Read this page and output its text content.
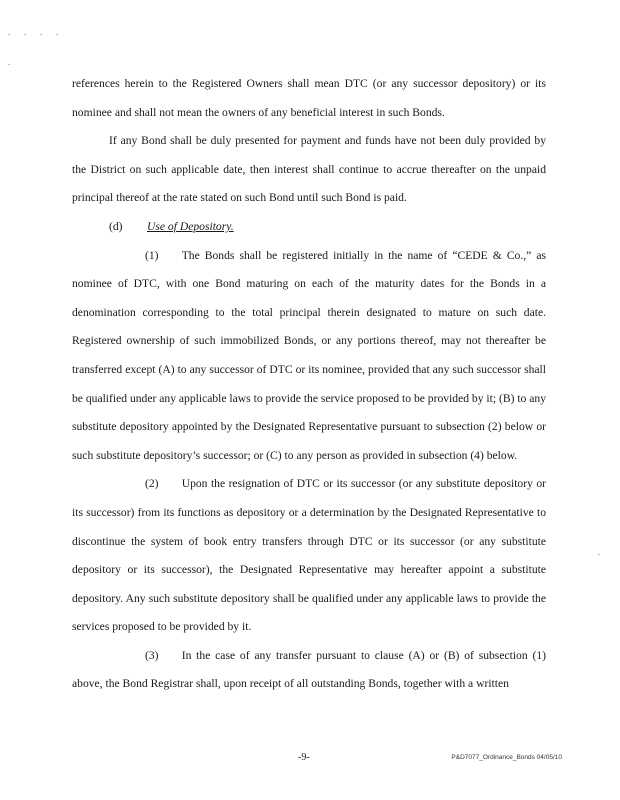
. . . .
.

references herein to the Registered Owners shall mean DTC (or any successor depository) or its nominee and shall not mean the owners of any beneficial interest in such Bonds.

If any Bond shall be duly presented for payment and funds have not been duly provided by the District on such applicable date, then interest shall continue to accrue thereafter on the unpaid principal thereof at the rate stated on such Bond until such Bond is paid.

(d) Use of Depository.

(1)  The Bonds shall be registered initially in the name of “CEDE & Co.,” as nominee of DTC, with one Bond maturing on each of the maturity dates for the Bonds in a denomination corresponding to the total principal therein designated to mature on such date. Registered ownership of such immobilized Bonds, or any portions thereof, may not thereafter be transferred except (A) to any successor of DTC or its nominee, provided that any such successor shall be qualified under any applicable laws to provide the service proposed to be provided by it; (B) to any substitute depository appointed by the Designated Representative pursuant to subsection (2) below or such substitute depository’s successor; or (C) to any person as provided in subsection (4) below.

(2)  Upon the resignation of DTC or its successor (or any substitute depository or its successor) from its functions as depository or a determination by the Designated Representative to discontinue the system of book entry transfers through DTC or its successor (or any substitute depository or its successor), the Designated Representative may hereafter appoint a substitute depository. Any such substitute depository shall be qualified under any applicable laws to provide the services proposed to be provided by it.

(3)  In the case of any transfer pursuant to clause (A) or (B) of subsection (1) above, the Bond Registrar shall, upon receipt of all outstanding Bonds, together with a written

.
-9-	P&D7077_Ordinance_Bonds 04/05/10
